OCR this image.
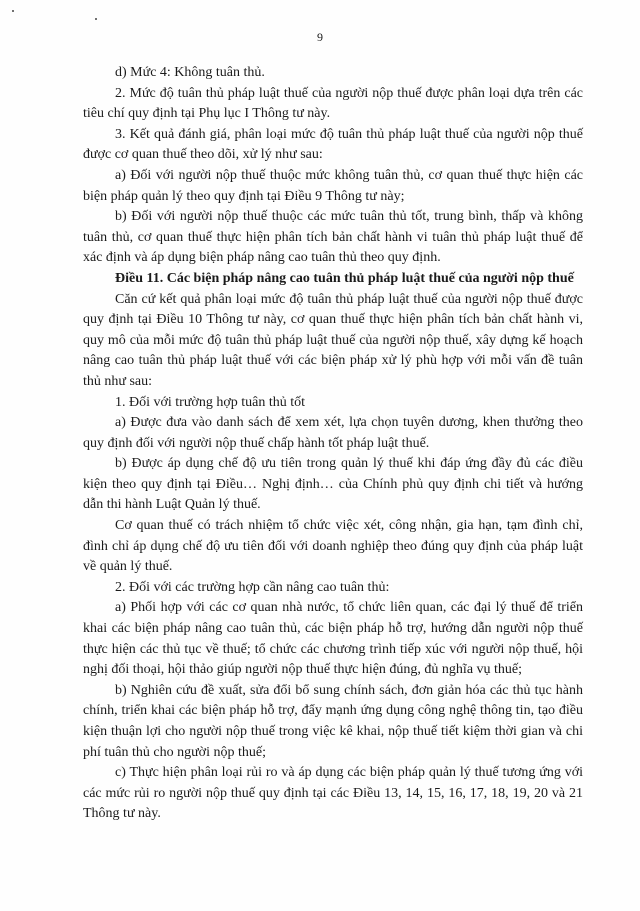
9

d) Mức 4: Không tuân thủ.

2. Mức độ tuân thủ pháp luật thuế của người nộp thuế được phân loại dựa trên các tiêu chí quy định tại Phụ lục I Thông tư này.

3. Kết quả đánh giá, phân loại mức độ tuân thủ pháp luật thuế của người nộp thuế được cơ quan thuế theo dõi, xử lý như sau:

a) Đối với người nộp thuế thuộc mức không tuân thủ, cơ quan thuế thực hiện các biện pháp quản lý theo quy định tại Điều 9 Thông tư này;

b) Đối với người nộp thuế thuộc các mức tuân thủ tốt, trung bình, thấp và không tuân thủ, cơ quan thuế thực hiện phân tích bản chất hành vi tuân thủ pháp luật thuế để xác định và áp dụng biện pháp nâng cao tuân thủ theo quy định.

Điều 11. Các biện pháp nâng cao tuân thủ pháp luật thuế của người nộp thuế

Căn cứ kết quả phân loại mức độ tuân thủ pháp luật thuế của người nộp thuế được quy định tại Điều 10 Thông tư này, cơ quan thuế thực hiện phân tích bản chất hành vi, quy mô của mỗi mức độ tuân thủ pháp luật thuế của người nộp thuế, xây dựng kế hoạch nâng cao tuân thủ pháp luật thuế với các biện pháp xử lý phù hợp với mỗi vấn đề tuân thủ như sau:

1. Đối với trường hợp tuân thủ tốt

a) Được đưa vào danh sách để xem xét, lựa chọn tuyên dương, khen thưởng theo quy định đối với người nộp thuế chấp hành tốt pháp luật thuế.

b) Được áp dụng chế độ ưu tiên trong quản lý thuế khi đáp ứng đầy đủ các điều kiện theo quy định tại Điều… Nghị định… của Chính phủ quy định chi tiết và hướng dẫn thi hành Luật Quản lý thuế.

Cơ quan thuế có trách nhiệm tổ chức việc xét, công nhận, gia hạn, tạm đình chỉ, đình chỉ áp dụng chế độ ưu tiên đối với doanh nghiệp theo đúng quy định của pháp luật về quản lý thuế.

2. Đối với các trường hợp cần nâng cao tuân thủ:

a) Phối hợp với các cơ quan nhà nước, tổ chức liên quan, các đại lý thuế để triển khai các biện pháp nâng cao tuân thủ, các biện pháp hỗ trợ, hướng dẫn người nộp thuế thực hiện các thủ tục về thuế; tổ chức các chương trình tiếp xúc với người nộp thuế, hội nghị đối thoại, hội thảo giúp người nộp thuế thực hiện đúng, đủ nghĩa vụ thuế;

b) Nghiên cứu đề xuất, sửa đổi bổ sung chính sách, đơn giản hóa các thủ tục hành chính, triển khai các biện pháp hỗ trợ, đẩy mạnh ứng dụng công nghệ thông tin, tạo điều kiện thuận lợi cho người nộp thuế trong việc kê khai, nộp thuế tiết kiệm thời gian và chi phí tuân thủ cho người nộp thuế;

c) Thực hiện phân loại rủi ro và áp dụng các biện pháp quản lý thuế tương ứng với các mức rủi ro người nộp thuế quy định tại các Điều 13, 14, 15, 16, 17, 18, 19, 20 và 21 Thông tư này.
